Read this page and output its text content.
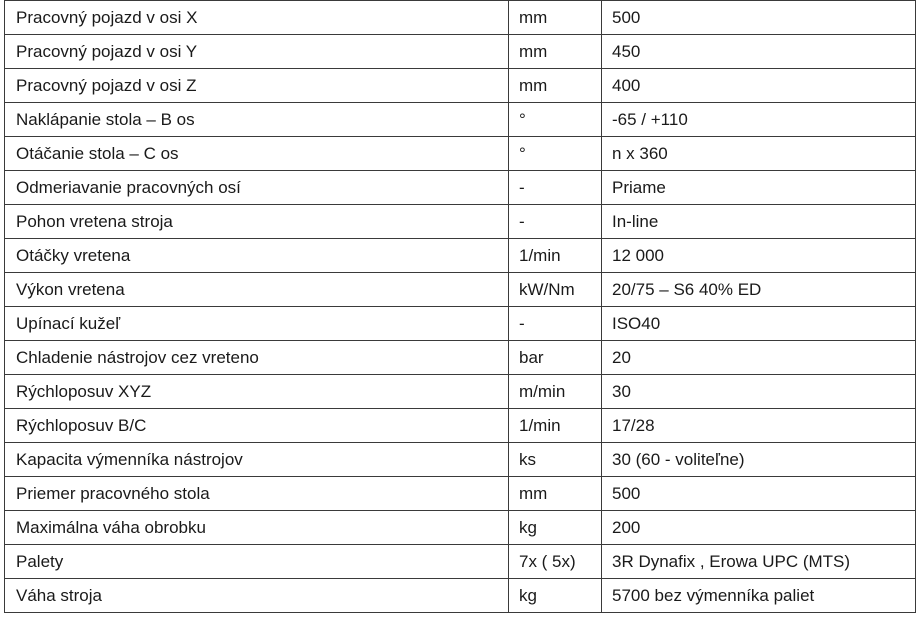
Pracovný pojazd v osi X	mm	500
Pracovný pojazd v osi Y	mm	450
Pracovný pojazd v osi Z	mm	400
Naklápanie stola – B os	°	-65 / +110
Otáčanie stola – C os	°	n x 360
Odmeriavanie pracovných osí	-	Priame
Pohon vretena stroja	-	In-line
Otáčky vretena	1/min	12 000
Výkon vretena	kW/Nm	20/75 – S6 40% ED
Upínací kužeľ	-	ISO40
Chladenie nástrojov cez vreteno	bar	20
Rýchloposuv XYZ	m/min	30
Rýchloposuv B/C	1/min	17/28
Kapacita výmenníka nástrojov	ks	30 (60 - voliteľne)
Priemer pracovného stola	mm	500
Maximálna váha obrobku	kg	200
Palety	7x ( 5x)	3R Dynafix , Erowa UPC (MTS)
Váha stroja	kg	5700 bez výmenníka paliet
